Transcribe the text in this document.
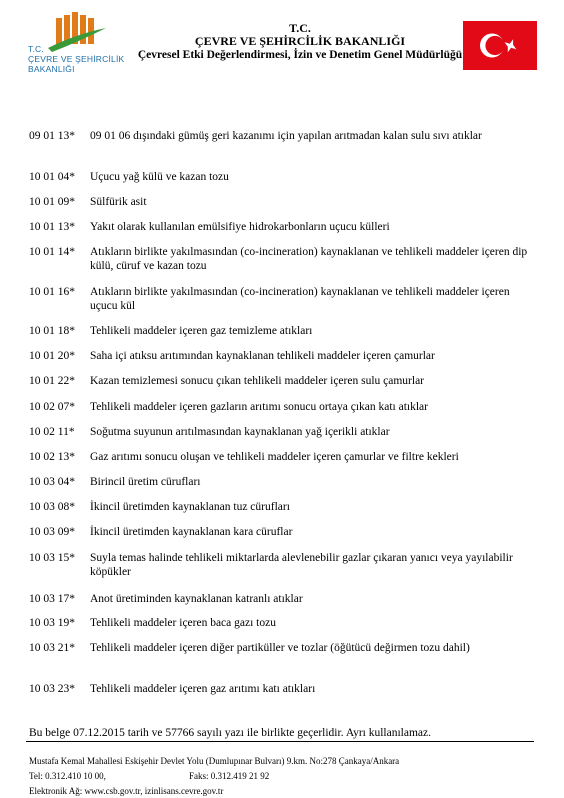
T.C.
ÇEVRE VE ŞEHİRCİLİK
BAKANLIĞI
T.C.
ÇEVRE VE ŞEHİRCİLİK BAKANLIĞI
Çevresel Etki Değerlendirmesi, İzin ve Denetim Genel Müdürlüğü
09 01 13*	09 01 06 dışındaki gümüş geri kazanımı için yapılan arıtmadan kalan sulu sıvı atıklar
10 01 04*	Uçucu yağ külü ve kazan tozu
10 01 09*	Sülfürik asit
10 01 13*	Yakıt olarak kullanılan emülsifiye hidrokarbonların uçucu külleri
10 01 14*	Atıkların birlikte yakılmasından (co-incineration) kaynaklanan ve tehlikeli maddeler içeren dip külü, cüruf ve kazan tozu
10 01 16*	Atıkların birlikte yakılmasından (co-incineration) kaynaklanan ve tehlikeli maddeler içeren uçucu kül
10 01 18*	Tehlikeli maddeler içeren gaz temizleme atıkları
10 01 20*	Saha içi atıksu arıtımından kaynaklanan tehlikeli maddeler içeren çamurlar
10 01 22*	Kazan temizlemesi sonucu çıkan tehlikeli maddeler içeren sulu çamurlar
10 02 07*	Tehlikeli maddeler içeren gazların arıtımı sonucu ortaya çıkan katı atıklar
10 02 11*	Soğutma suyunun arıtılmasından kaynaklanan yağ içerikli atıklar
10 02 13*	Gaz arıtımı sonucu oluşan ve tehlikeli maddeler içeren çamurlar ve filtre kekleri
10 03 04*	Birincil üretim cürufları
10 03 08*	İkincil üretimden kaynaklanan tuz cürufları
10 03 09*	İkincil üretimden kaynaklanan kara cüruflar
10 03 15*	Suyla temas halinde tehlikeli miktarlarda alevlenebilir gazlar çıkaran yanıcı veya yayılabilir köpükler
10 03 17*	Anot üretiminden kaynaklanan katranlı atıklar
10 03 19*	Tehlikeli maddeler içeren baca gazı tozu
10 03 21*	Tehlikeli maddeler içeren diğer partiküller ve tozlar (öğütücü değirmen tozu dahil)
10 03 23*	Tehlikeli maddeler içeren gaz arıtımı katı atıkları
Bu belge 07.12.2015 tarih ve 57766 sayılı yazı ile birlikte geçerlidir. Ayrı kullanılamaz.
Mustafa Kemal Mahallesi Eskişehir Devlet Yolu (Dumlupınar Bulvarı) 9.km. No:278 Çankaya/Ankara
Tel: 0.312.410 10 00,	Faks: 0.312.419 21 92
Elektronik Ağ: www.csb.gov.tr, izinlisans.cevre.gov.tr
